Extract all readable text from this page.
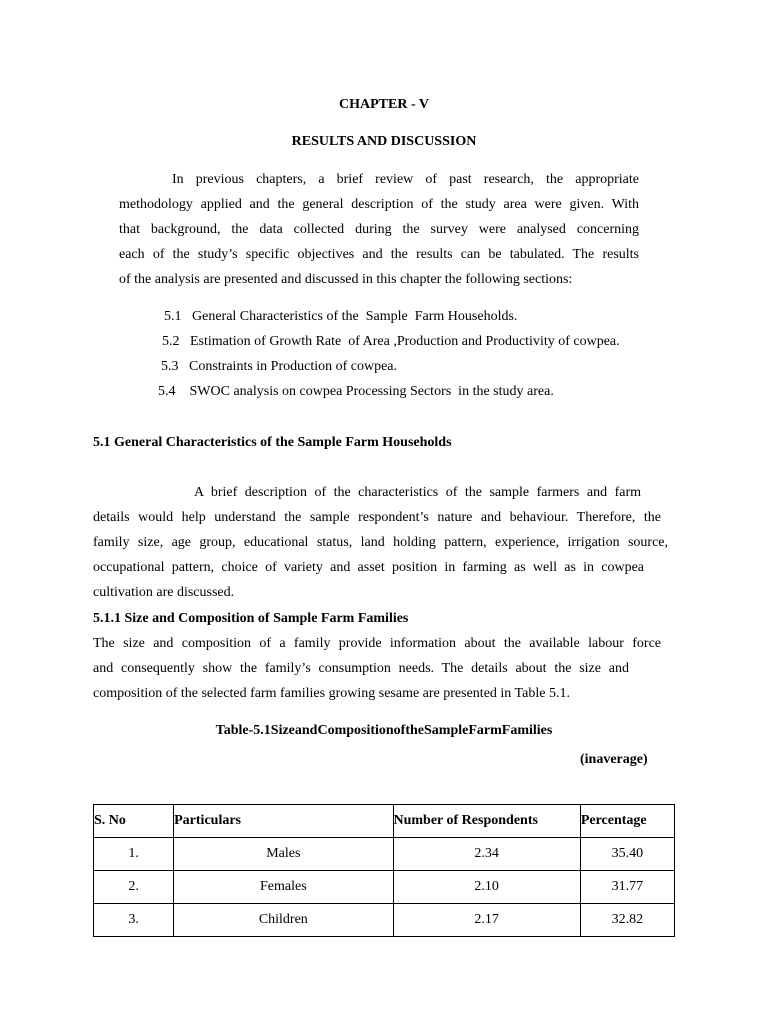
CHAPTER - V
RESULTS AND DISCUSSION
In previous chapters, a brief review of past research, the appropriate
methodology applied and the general description of the study area were given. With
that background, the data collected during the survey were analysed concerning
each of the study’s specific objectives and the results can be tabulated. The results
of the analysis are presented and discussed in this chapter the following sections:
5.1   General Characteristics of the  Sample  Farm Households.
5.2   Estimation of Growth Rate  of Area ,Production and Productivity of cowpea.
5.3   Constraints in Production of cowpea.
5.4    SWOC analysis on cowpea Processing Sectors  in the study area.
5.1 General Characteristics of the Sample Farm Households
A brief description of the characteristics of the sample farmers and farm
details would help understand the sample respondent’s nature and behaviour. Therefore, the
family size, age group, educational status, land holding pattern, experience, irrigation source,
occupational pattern, choice of variety and asset position in farming as well as in cowpea
cultivation are discussed.
5.1.1 Size and Composition of Sample Farm Families
The size and composition of a family provide information about the available labour force
and consequently show the family’s consumption needs. The details about the size and
composition of the selected farm families growing sesame are presented in Table 5.1.
Table-5.1SizeandCompositionoftheSampleFarmFamilies
(inaverage)
S. No	Particulars	Number of Respondents	Percentage
1.	Males	2.34	35.40
2.	Females	2.10	31.77
3.	Children	2.17	32.82
